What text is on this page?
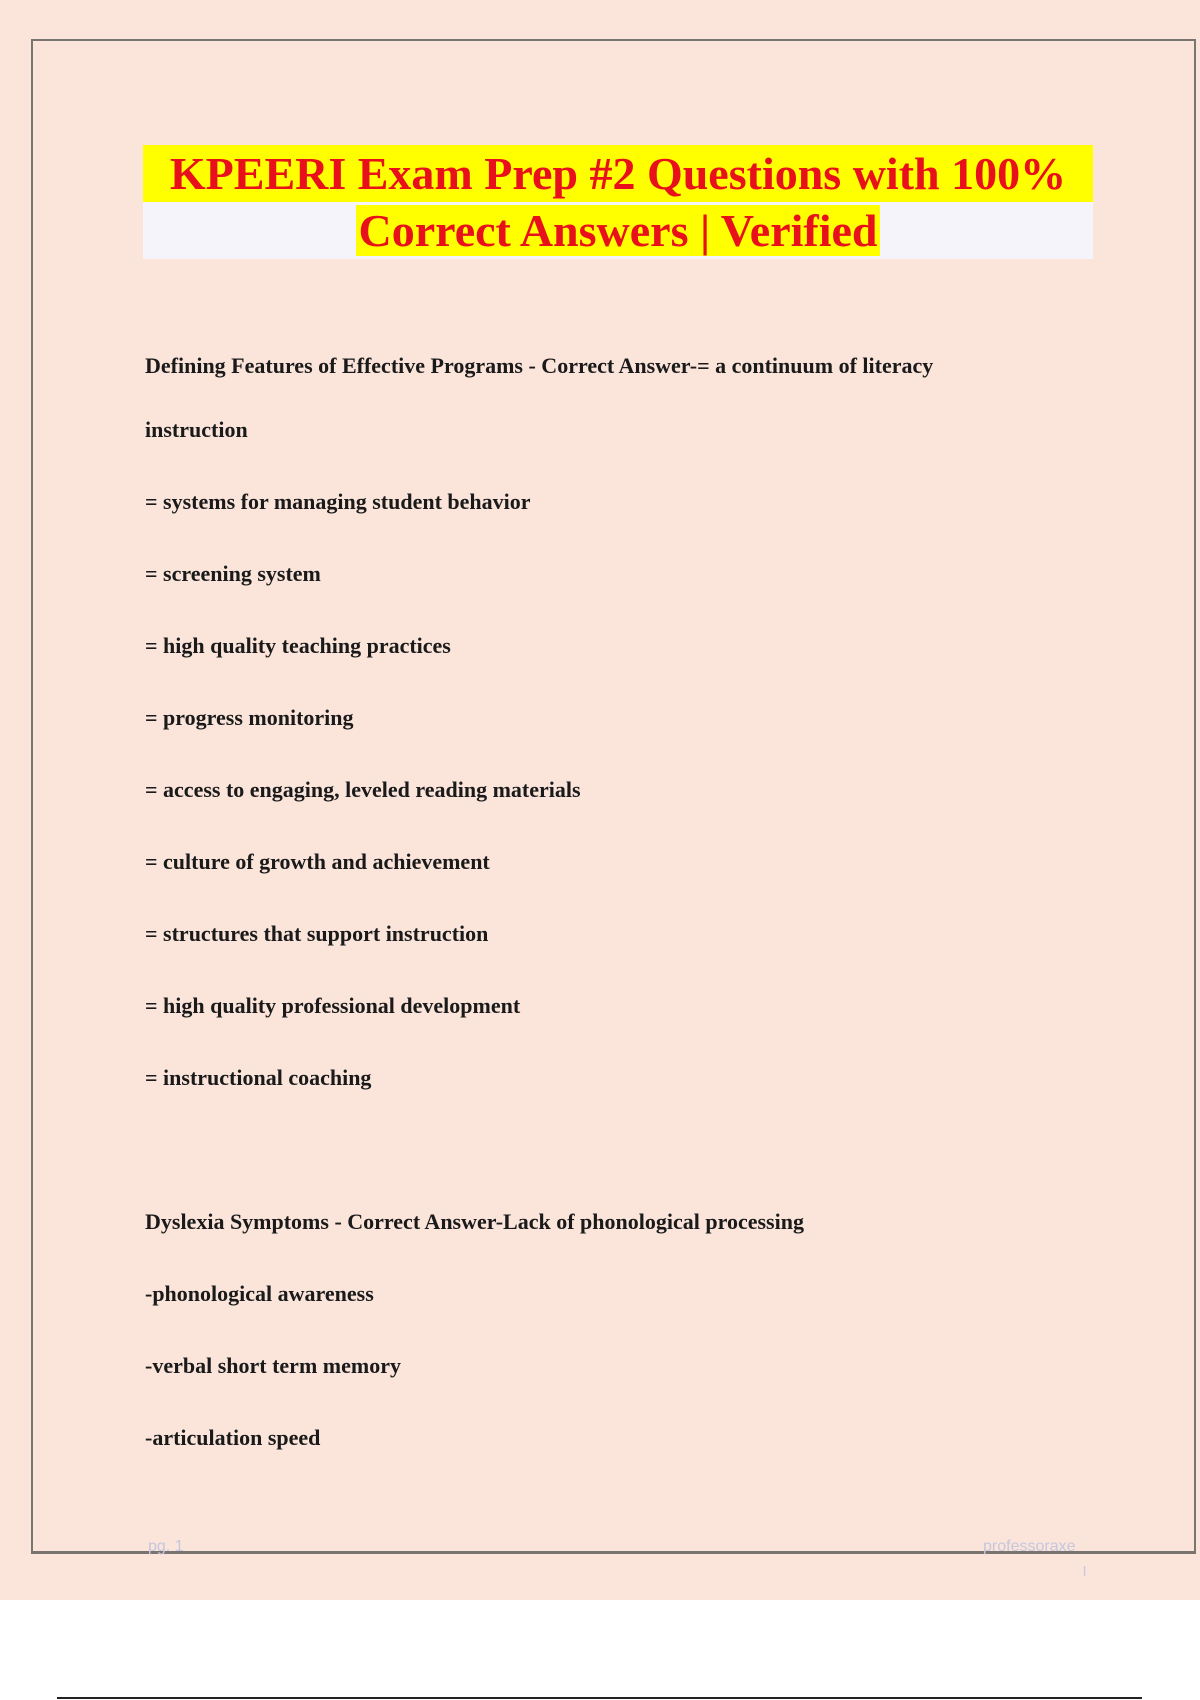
KPEERI Exam Prep #2 Questions with 100%
Correct Answers | Verified
Defining Features of Effective Programs - Correct Answer-= a continuum of literacy
instruction
= systems for managing student behavior
= screening system
= high quality teaching practices
= progress monitoring
= access to engaging, leveled reading materials
= culture of growth and achievement
= structures that support instruction
= high quality professional development
= instructional coaching
Dyslexia Symptoms - Correct Answer-Lack of phonological processing
-phonological awareness
-verbal short term memory
-articulation speed
pg. 1	professoraxe
l
